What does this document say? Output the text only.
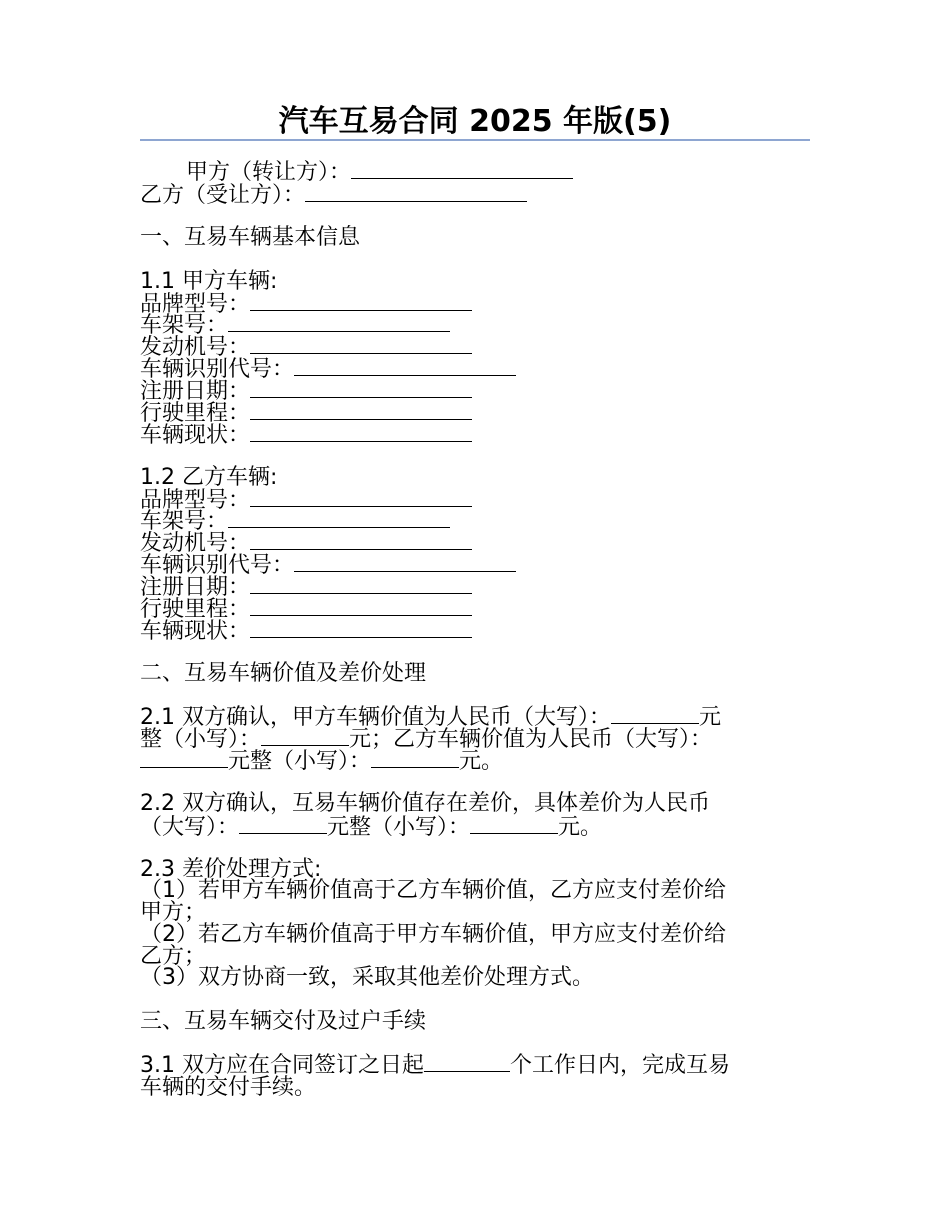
汽车互易合同 2025 年版(5)
甲方（转让方）：
乙方（受让方）：
一、互易车辆基本信息
1.1 甲方车辆:
品牌型号：
车架号：
发动机号：
车辆识别代号：
注册日期：
行驶里程：
车辆现状：
1.2 乙方车辆:
品牌型号：
车架号：
发动机号：
车辆识别代号：
注册日期：
行驶里程：
车辆现状：
二、互易车辆价值及差价处理
2.1 双方确认，甲方车辆价值为人民币（大写）：	元
整（小写）：	元；乙方车辆价值为人民币（大写）：
元整（小写）：	元。
2.2 双方确认，互易车辆价值存在差价，具体差价为人民币
（大写）：	元整（小写）：	元。
2.3 差价处理方式:
（1）若甲方车辆价值高于乙方车辆价值，乙方应支付差价给
甲方；
（2）若乙方车辆价值高于甲方车辆价值，甲方应支付差价给
乙方；
（3）双方协商一致，采取其他差价处理方式。
三、互易车辆交付及过户手续
3.1 双方应在合同签订之日起	个工作日内，完成互易
车辆的交付手续。
